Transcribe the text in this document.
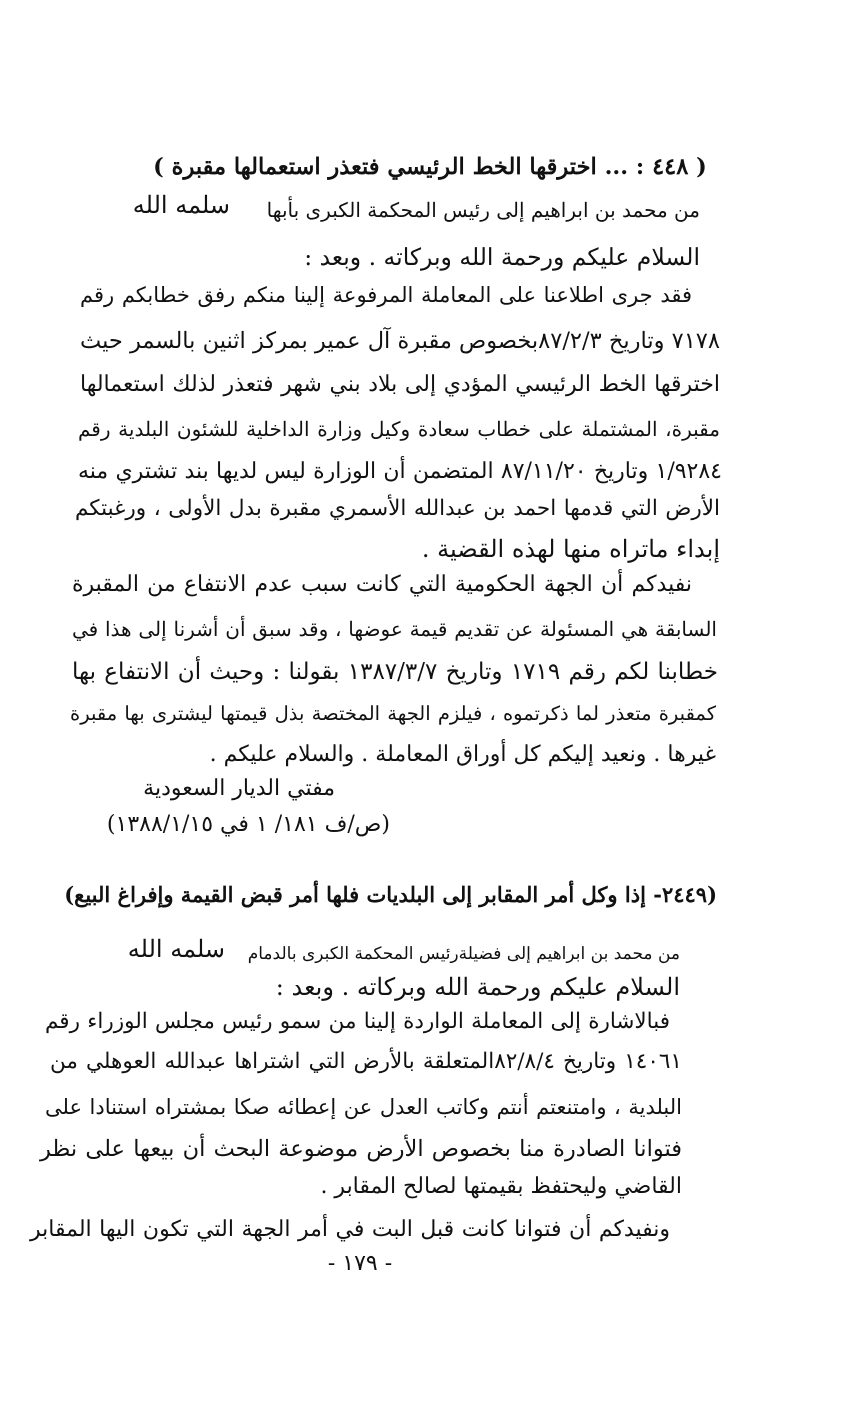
( ٤٤٨ : ... اخترقها الخط الرئيسي فتعذر استعمالها مقبرة )
من محمد بن ابراهيم إلى رئيس المحكمة الكبرى بأبها
سلمه الله
السلام عليكم ورحمة الله وبركاته . وبعد :
فقد جرى اطلاعنا على المعاملة المرفوعة إلينا منكم رفق خطابكم رقم
٧١٧٨ وتاريخ ٨٧/٢/٣بخصوص مقبرة آل عمير بمركز اثنين بالسمر حيث
اخترقها الخط الرئيسي المؤدي إلى بلاد بني شهر فتعذر لذلك استعمالها
مقبرة، المشتملة على خطاب سعادة وكيل وزارة الداخلية للشئون البلدية رقم
١/٩٢٨٤ وتاريخ ٨٧/١١/٢٠ المتضمن أن الوزارة ليس لديها بند تشتري منه
الأرض التي قدمها احمد بن عبدالله الأسمري مقبرة بدل الأولى ، ورغبتكم
إبداء ماتراه منها لهذه القضية .
نفيدكم أن الجهة الحكومية التي كانت سبب عدم الانتفاع من المقبرة
السابقة هي المسئولة عن تقديم قيمة عوضها ، وقد سبق أن أشرنا إلى هذا في
خطابنا لكم رقم ١٧١٩ وتاريخ ١٣٨٧/٣/٧ بقولنا : وحيث أن الانتفاع بها
كمقبرة متعذر لما ذكرتموه ، فيلزم الجهة المختصة بذل قيمتها ليشترى بها مقبرة
غيرها . ونعيد إليكم كل أوراق المعاملة . والسلام عليكم .
مفتي الديار السعودية
(ص/ف ١٨١/ ١ في ١٣٨٨/١/١٥)
(٢٤٤٩- إذا وكل أمر المقابر إلى البلديات فلها أمر قبض القيمة وإفراغ البيع)
من محمد بن ابراهيم إلى فضيلةرئيس المحكمة الكبرى بالدمام
سلمه الله
السلام عليكم ورحمة الله وبركاته . وبعد :
فبالاشارة إلى المعاملة الواردة إلينا من سمو رئيس مجلس الوزراء رقم
١٤٠٦١ وتاريخ ٨٢/٨/٤المتعلقة بالأرض التي اشتراها عبدالله العوهلي من
البلدية ، وامتنعتم أنتم وكاتب العدل عن إعطائه صكا بمشتراه استنادا على
فتوانا الصادرة منا بخصوص الأرض موضوعة البحث أن بيعها على نظر
القاضي وليحتفظ بقيمتها لصالح المقابر .
ونفيدكم أن فتوانا كانت قبل البت في أمر الجهة التي تكون اليها المقابر
- ١٧٩ -
